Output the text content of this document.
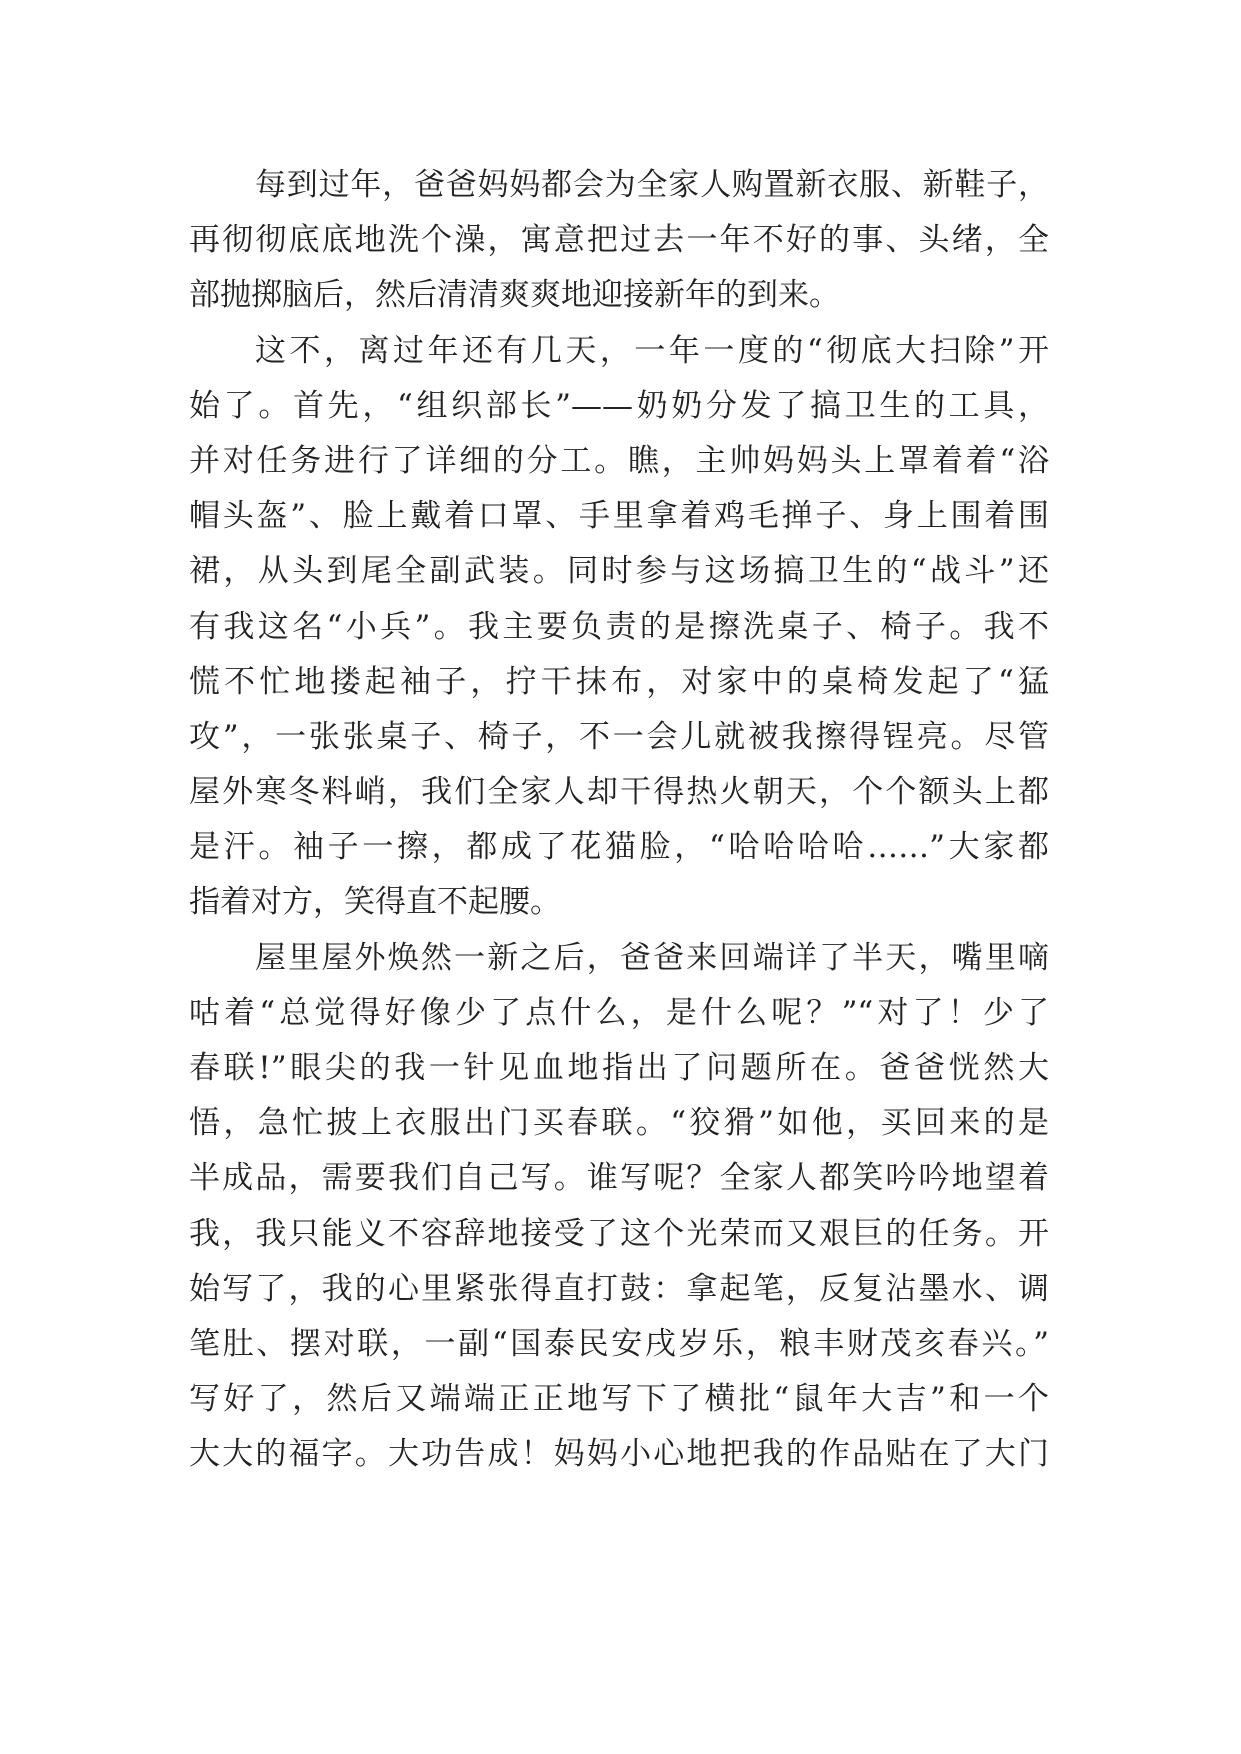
每到过年，爸爸妈妈都会为全家人购置新衣服、新鞋子，
再彻彻底底地洗个澡，寓意把过去一年不好的事、头绪，全
部抛掷脑后，然后清清爽爽地迎接新年的到来。
这不，离过年还有几天，一年一度的“彻底大扫除”开
始了。首先，“组织部长”——奶奶分发了搞卫生的工具，
并对任务进行了详细的分工。瞧，主帅妈妈头上罩着着“浴
帽头盔”、脸上戴着口罩、手里拿着鸡毛掸子、身上围着围
裙，从头到尾全副武装。同时参与这场搞卫生的“战斗”还
有我这名“小兵”。我主要负责的是擦洗桌子、椅子。我不
慌不忙地搂起袖子，拧干抹布，对家中的桌椅发起了“猛
攻”，一张张桌子、椅子，不一会儿就被我擦得锃亮。尽管
屋外寒冬料峭，我们全家人却干得热火朝天，个个额头上都
是汗。袖子一擦，都成了花猫脸，“哈哈哈哈……”大家都
指着对方，笑得直不起腰。
屋里屋外焕然一新之后，爸爸来回端详了半天，嘴里嘀
咕着“总觉得好像少了点什么，是什么呢？”“对了！少了
春联!”眼尖的我一针见血地指出了问题所在。爸爸恍然大
悟，急忙披上衣服出门买春联。“狡猾”如他，买回来的是
半成品，需要我们自己写。谁写呢？全家人都笑吟吟地望着
我，我只能义不容辞地接受了这个光荣而又艰巨的任务。开
始写了，我的心里紧张得直打鼓：拿起笔，反复沾墨水、调
笔肚、摆对联，一副“国泰民安戌岁乐，粮丰财茂亥春兴。”
写好了，然后又端端正正地写下了横批“鼠年大吉”和一个
大大的福字。大功告成！妈妈小心地把我的作品贴在了大门
